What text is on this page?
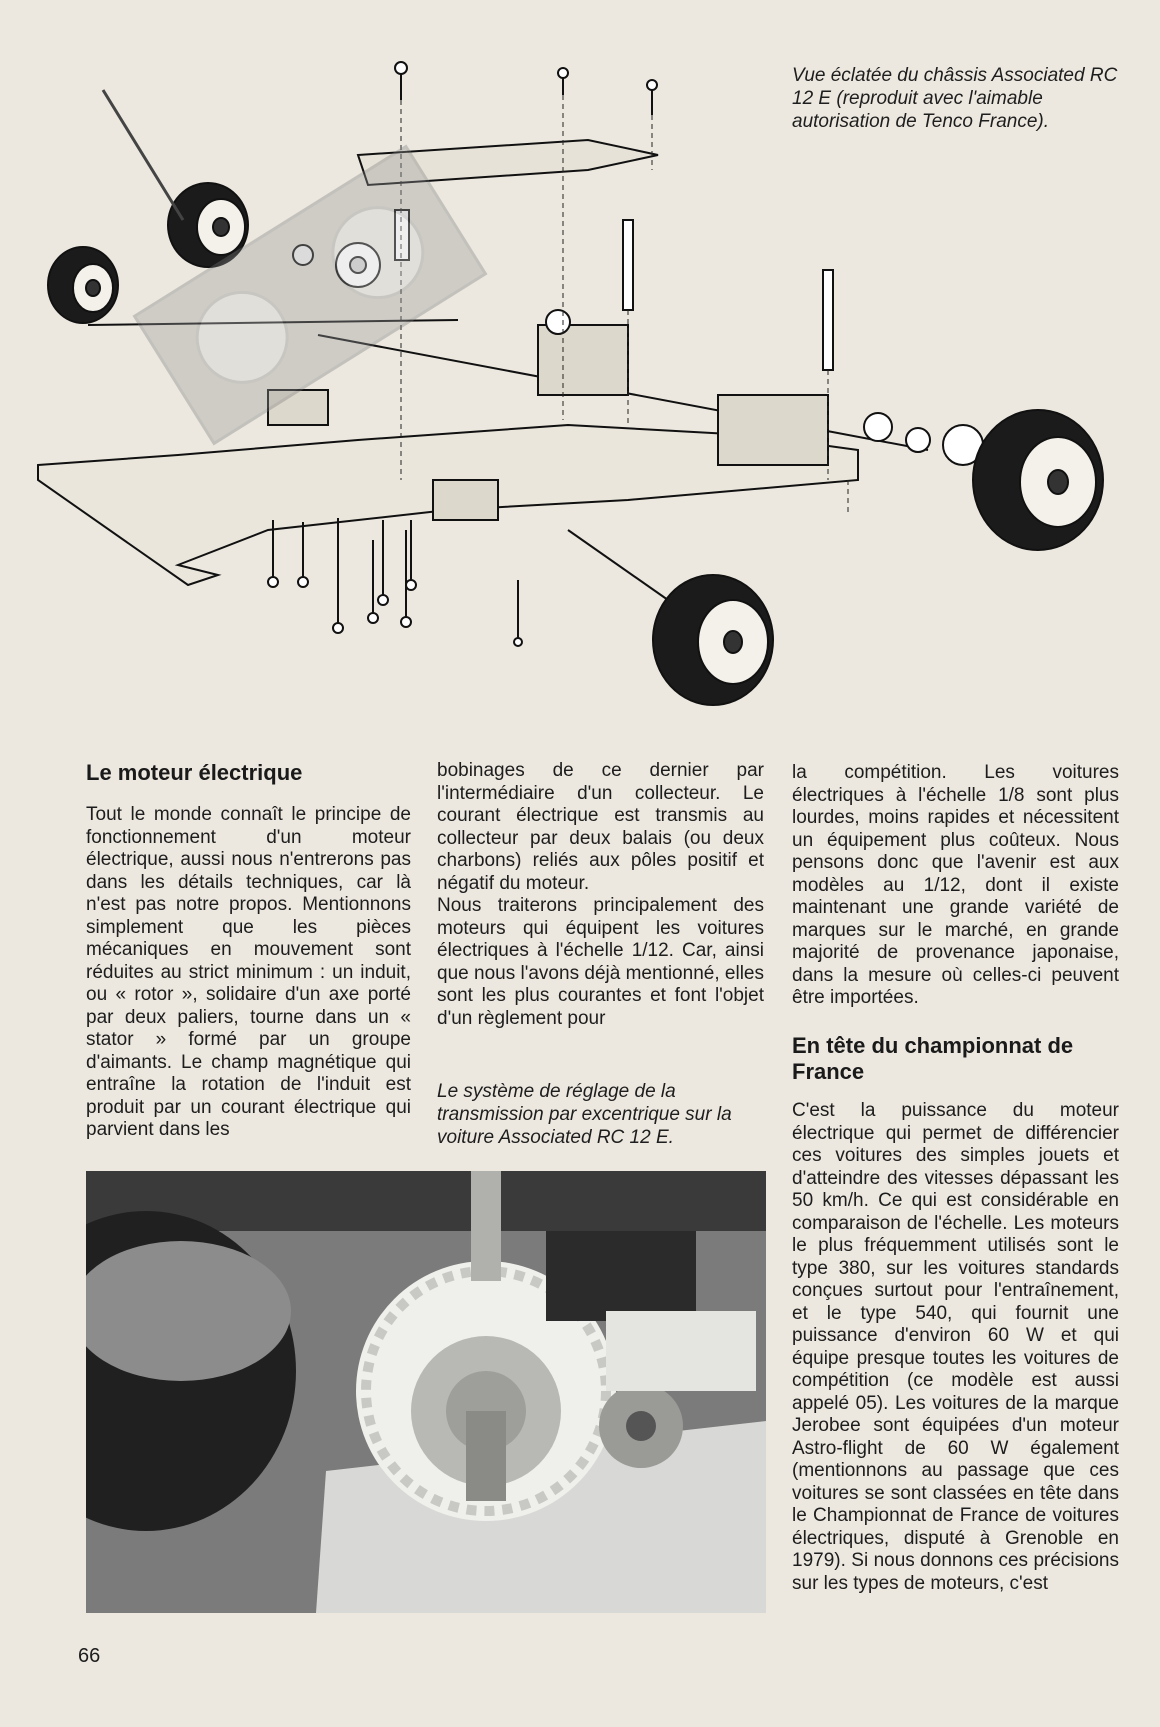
Vue éclatée du châssis Associated RC 12 E (reproduit avec l'aimable autorisation de Tenco France).
Le moteur électrique

Tout le monde connaît le principe de fonctionnement d'un moteur électrique, aussi nous n'entrerons pas dans les détails techniques, car là n'est pas notre propos. Mentionnons simplement que les pièces mécaniques en mouvement sont réduites au strict minimum : un induit, ou « rotor », solidaire d'un axe porté par deux paliers, tourne dans un « stator » formé par un groupe d'aimants. Le champ magnétique qui entraîne la rotation de l'induit est produit par un courant électrique qui parvient dans les

bobinages de ce dernier par l'intermédiaire d'un collecteur. Le courant électrique est transmis au collecteur par deux balais (ou deux charbons) reliés aux pôles positif et négatif du moteur.

Nous traiterons principalement des moteurs qui équipent les voitures électriques à l'échelle 1/12. Car, ainsi que nous l'avons déjà mentionné, elles sont les plus courantes et font l'objet d'un règlement pour

Le système de réglage de la transmission par excentrique sur la voiture Associated RC 12 E.

la compétition. Les voitures électriques à l'échelle 1/8 sont plus lourdes, moins rapides et nécessitent un équipement plus coûteux. Nous pensons donc que l'avenir est aux modèles au 1/12, dont il existe maintenant une grande variété de marques sur le marché, en grande majorité de provenance japonaise, dans la mesure où celles-ci peuvent être importées.

En tête du championnat de France

C'est la puissance du moteur électrique qui permet de différencier ces voitures des simples jouets et d'atteindre des vitesses dépassant les 50 km/h. Ce qui est considérable en comparaison de l'échelle. Les moteurs le plus fréquemment utilisés sont le type 380, sur les voitures standards conçues surtout pour l'entraînement, et le type 540, qui fournit une puissance d'environ 60 W et qui équipe presque toutes les voitures de compétition (ce modèle est aussi appelé 05). Les voitures de la marque Jerobee sont équipées d'un moteur Astro-flight de 60 W également (mentionnons au passage que ces voitures se sont classées en tête dans le Championnat de France de voitures électriques, disputé à Grenoble en 1979). Si nous donnons ces précisions sur les types de moteurs, c'est

66
